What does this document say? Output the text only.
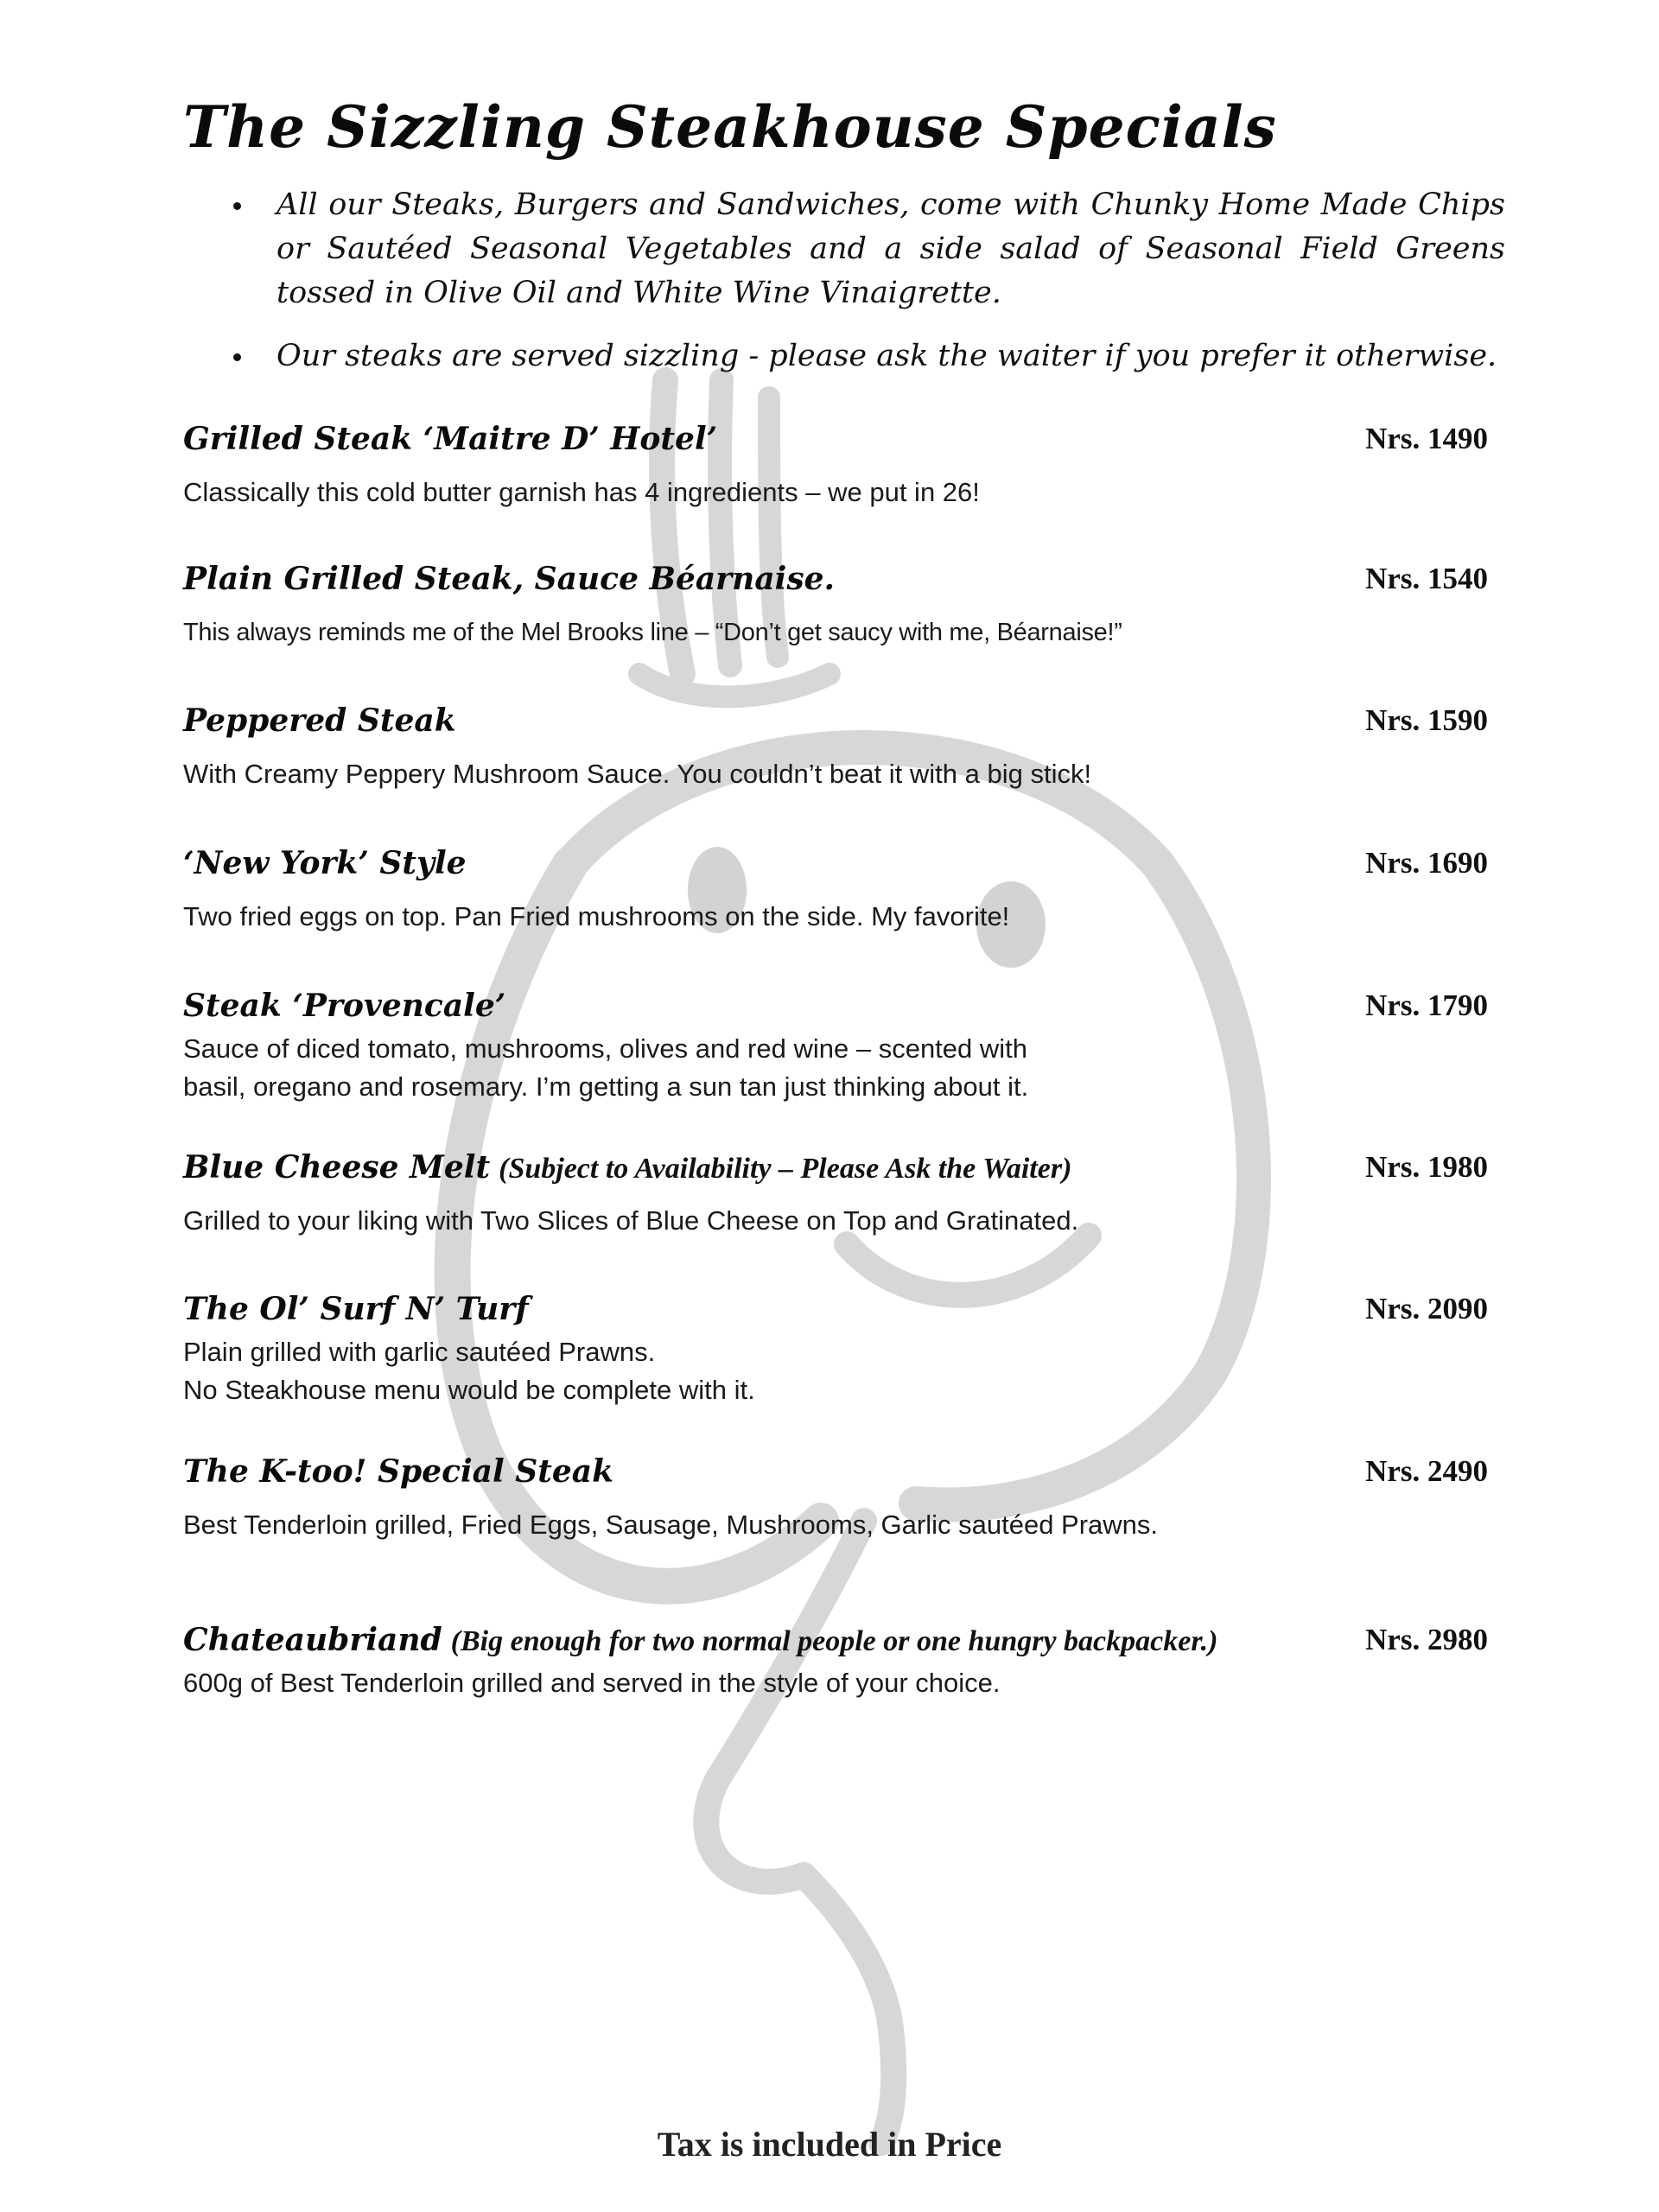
The Sizzling Steakhouse Specials
All our Steaks, Burgers and Sandwiches, come with Chunky Home Made Chips or Sautéed Seasonal Vegetables and a side salad of Seasonal Field Greens tossed in Olive Oil and White Wine Vinaigrette.
Our steaks are served sizzling - please ask the waiter if you prefer it otherwise.
Grilled Steak ‘Maitre D’ Hotel’	Nrs. 1490
Classically this cold butter garnish has 4 ingredients – we put in 26!
Plain Grilled Steak, Sauce Béarnaise.	Nrs. 1540
This always reminds me of the Mel Brooks line – “Don’t get saucy with me, Béarnaise!”
Peppered Steak	Nrs. 1590
With Creamy Peppery Mushroom Sauce. You couldn’t beat it with a big stick!
‘New York’ Style	Nrs. 1690
Two fried eggs on top. Pan Fried mushrooms on the side. My favorite!
Steak ‘Provencale’	Nrs. 1790
Sauce of diced tomato, mushrooms, olives and red wine – scented with
basil, oregano and rosemary. I’m getting a sun tan just thinking about it.
Blue Cheese Melt (Subject to Availability – Please Ask the Waiter)	Nrs. 1980
Grilled to your liking with Two Slices of Blue Cheese on Top and Gratinated.
The Ol’ Surf N’ Turf	Nrs. 2090
Plain grilled with garlic sautéed Prawns.
No Steakhouse menu would be complete with it.
The K-too! Special Steak	Nrs. 2490
Best Tenderloin grilled, Fried Eggs, Sausage, Mushrooms, Garlic sautéed Prawns.
Chateaubriand (Big enough for two normal people or one hungry backpacker.)	Nrs. 2980
600g of Best Tenderloin grilled and served in the style of your choice.
Tax is included in Price
